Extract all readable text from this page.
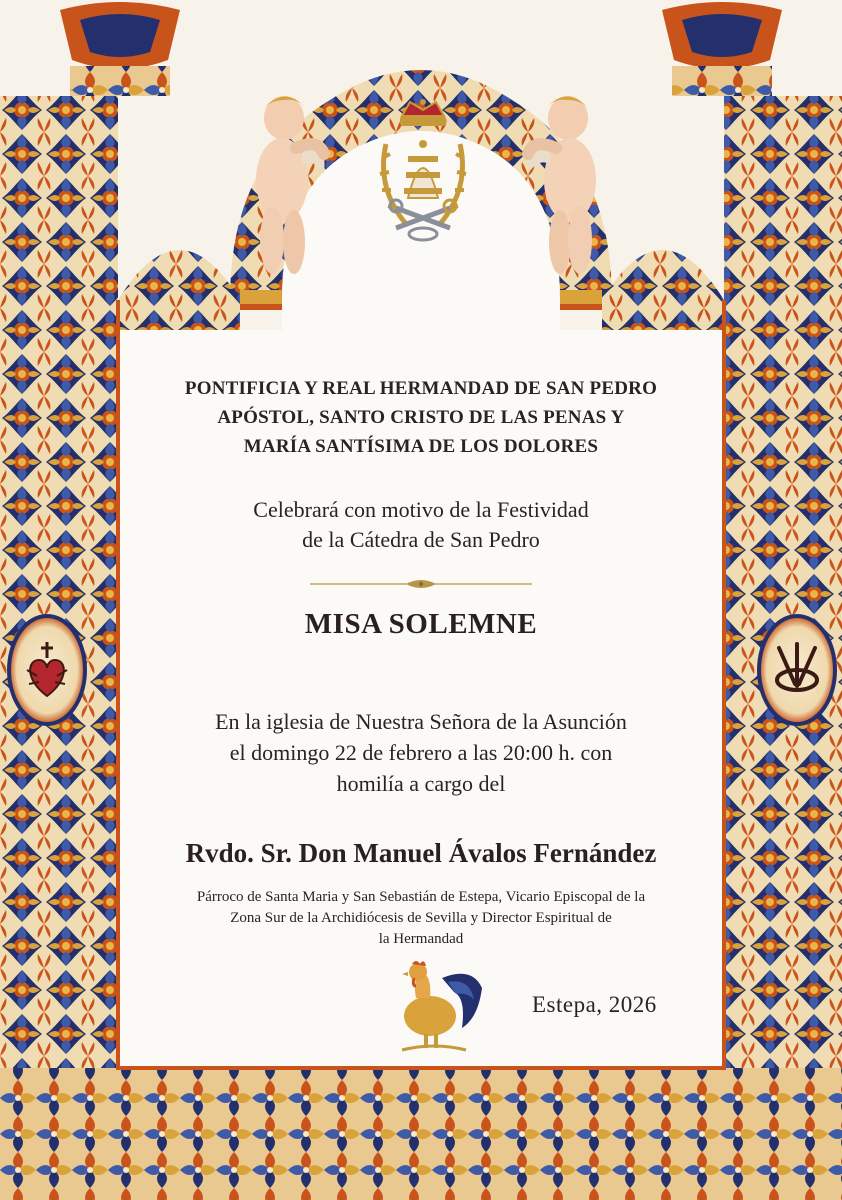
PONTIFICIA Y REAL HERMANDAD DE SAN PEDRO
APÓSTOL, SANTO CRISTO DE LAS PENAS Y
MARÍA SANTÍSIMA DE LOS DOLORES
Celebrará con motivo de la Festividad
de la Cátedra de San Pedro
MISA SOLEMNE
En la iglesia de Nuestra Señora de la Asunción
el domingo 22 de febrero a las 20:00 h. con
homilía a cargo del
Rvdo. Sr. Don Manuel Ávalos Fernández
Párroco de Santa Maria y San Sebastián de Estepa, Vicario Episcopal de la
Zona Sur de la Archidiócesis de Sevilla y Director Espiritual de
la Hermandad
Estepa, 2026
